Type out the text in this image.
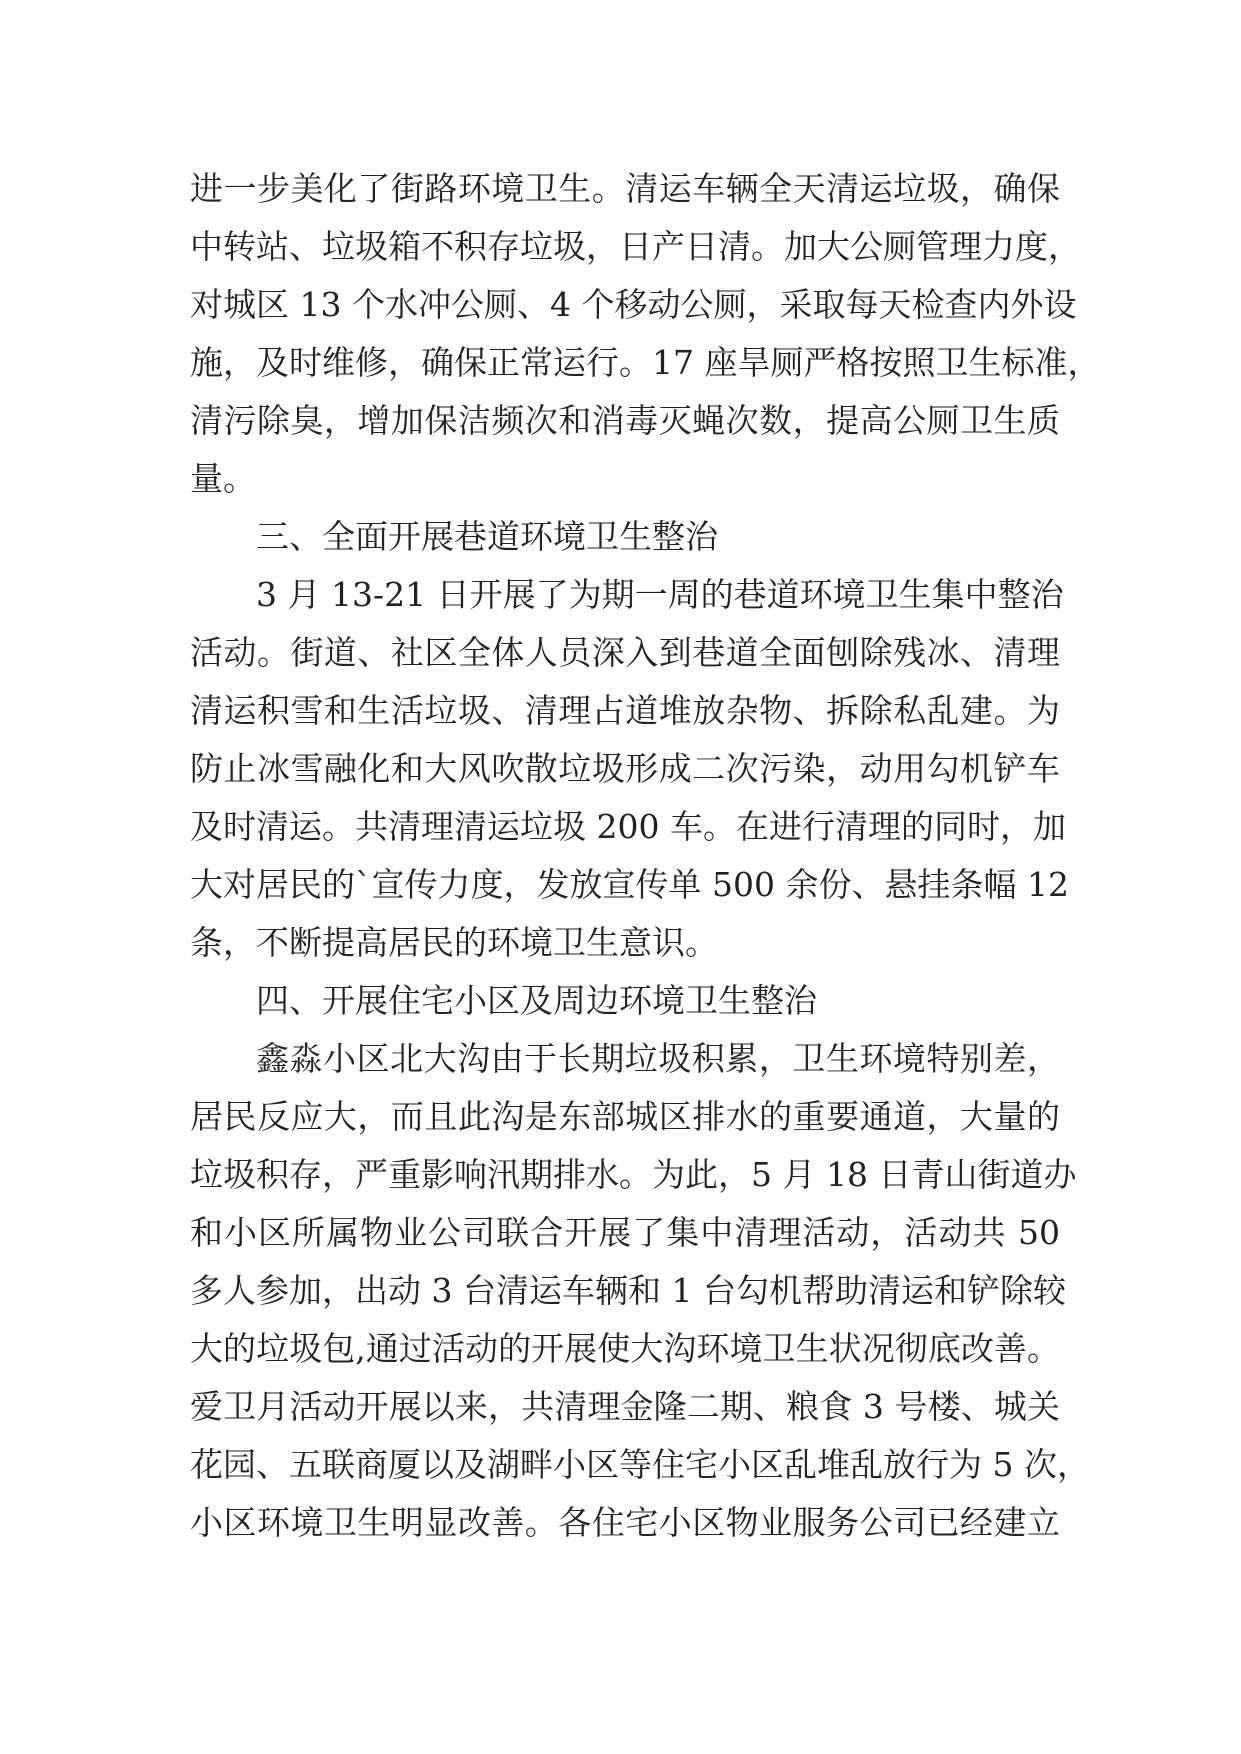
进一步美化了街路环境卫生。清运车辆全天清运垃圾，确保
中转站、垃圾箱不积存垃圾，日产日清。加大公厕管理力度，
对城区 13 个水冲公厕、4 个移动公厕，采取每天检查内外设
施，及时维修，确保正常运行。17 座旱厕严格按照卫生标准，
清污除臭，增加保洁频次和消毒灭蝇次数，提高公厕卫生质
量。

三、全面开展巷道环境卫生整治

3 月 13-21 日开展了为期一周的巷道环境卫生集中整治
活动。街道、社区全体人员深入到巷道全面刨除残冰、清理
清运积雪和生活垃圾、清理占道堆放杂物、拆除私乱建。为
防止冰雪融化和大风吹散垃圾形成二次污染，动用勾机铲车
及时清运。共清理清运垃圾 200 车。在进行清理的同时，加
大对居民的`宣传力度，发放宣传单 500 余份、悬挂条幅 12
条，不断提高居民的环境卫生意识。

四、开展住宅小区及周边环境卫生整治

鑫淼小区北大沟由于长期垃圾积累，卫生环境特别差，
居民反应大，而且此沟是东部城区排水的重要通道，大量的
垃圾积存，严重影响汛期排水。为此，5 月 18 日青山街道办
和小区所属物业公司联合开展了集中清理活动，活动共 50
多人参加，出动 3 台清运车辆和 1 台勾机帮助清运和铲除较
大的垃圾包,通过活动的开展使大沟环境卫生状况彻底改善。
爱卫月活动开展以来，共清理金隆二期、粮食 3 号楼、城关
花园、五联商厦以及湖畔小区等住宅小区乱堆乱放行为 5 次，
小区环境卫生明显改善。各住宅小区物业服务公司已经建立
